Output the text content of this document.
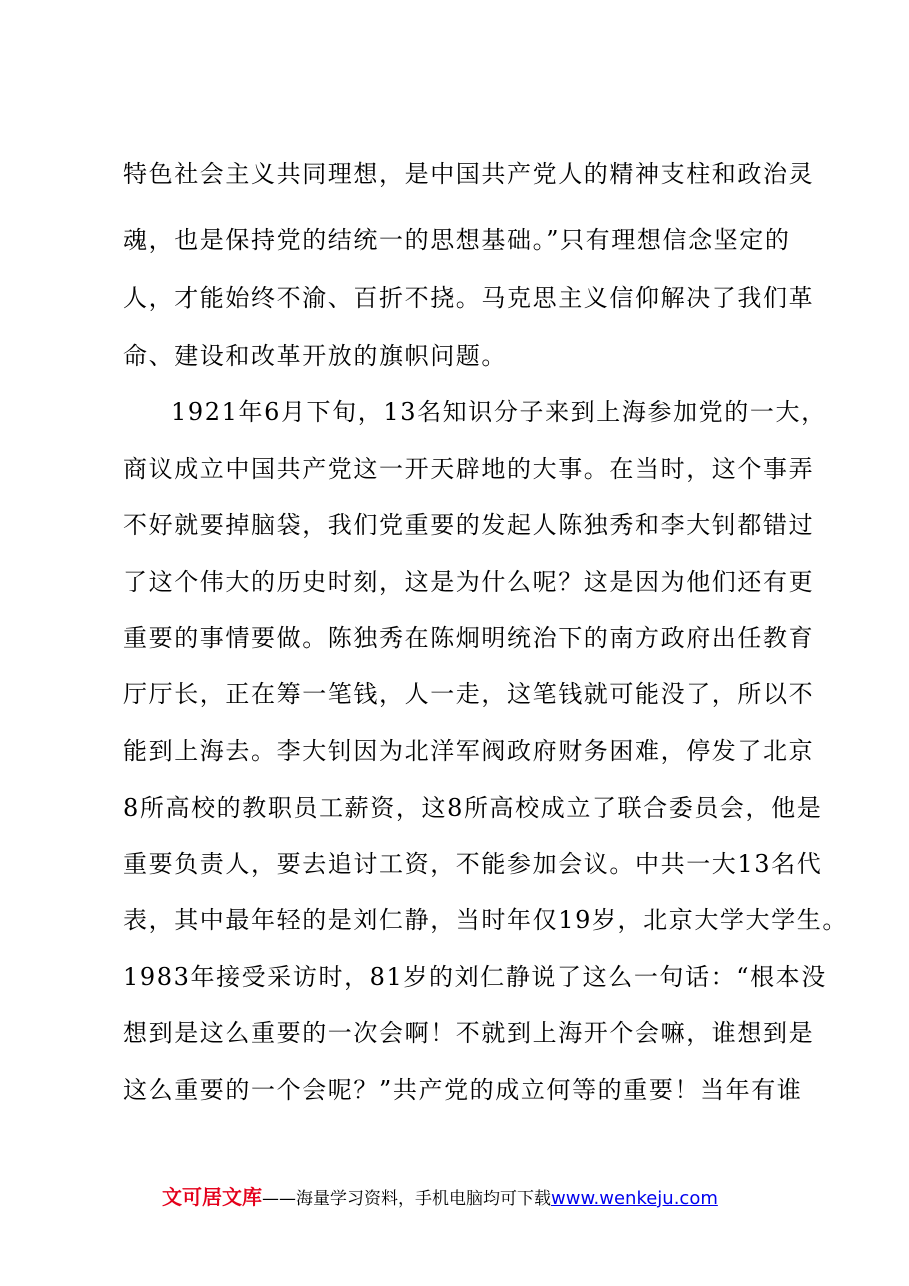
特色社会主义共同理想，是中国共产党人的精神支柱和政治灵
魂，也是保持党的结统一的思想基础。”只有理想信念坚定的
人，才能始终不渝、百折不挠。马克思主义信仰解决了我们革
命、建设和改革开放的旗帜问题。
1921年6月下旬，13名知识分子来到上海参加党的一大，
商议成立中国共产党这一开天辟地的大事。在当时，这个事弄
不好就要掉脑袋，我们党重要的发起人陈独秀和李大钊都错过
了这个伟大的历史时刻，这是为什么呢？这是因为他们还有更
重要的事情要做。陈独秀在陈炯明统治下的南方政府出任教育
厅厅长，正在筹一笔钱，人一走，这笔钱就可能没了，所以不
能到上海去。李大钊因为北洋军阀政府财务困难，停发了北京
8所高校的教职员工薪资，这8所高校成立了联合委员会，他是
重要负责人，要去追讨工资，不能参加会议。中共一大13名代
表，其中最年轻的是刘仁静，当时年仅19岁，北京大学大学生。
1983年接受采访时，81岁的刘仁静说了这么一句话：“根本没
想到是这么重要的一次会啊！不就到上海开个会嘛，谁想到是
这么重要的一个会呢？”共产党的成立何等的重要！当年有谁
文可居文库——海量学习资料，手机电脑均可下载www.wenkeju.com
